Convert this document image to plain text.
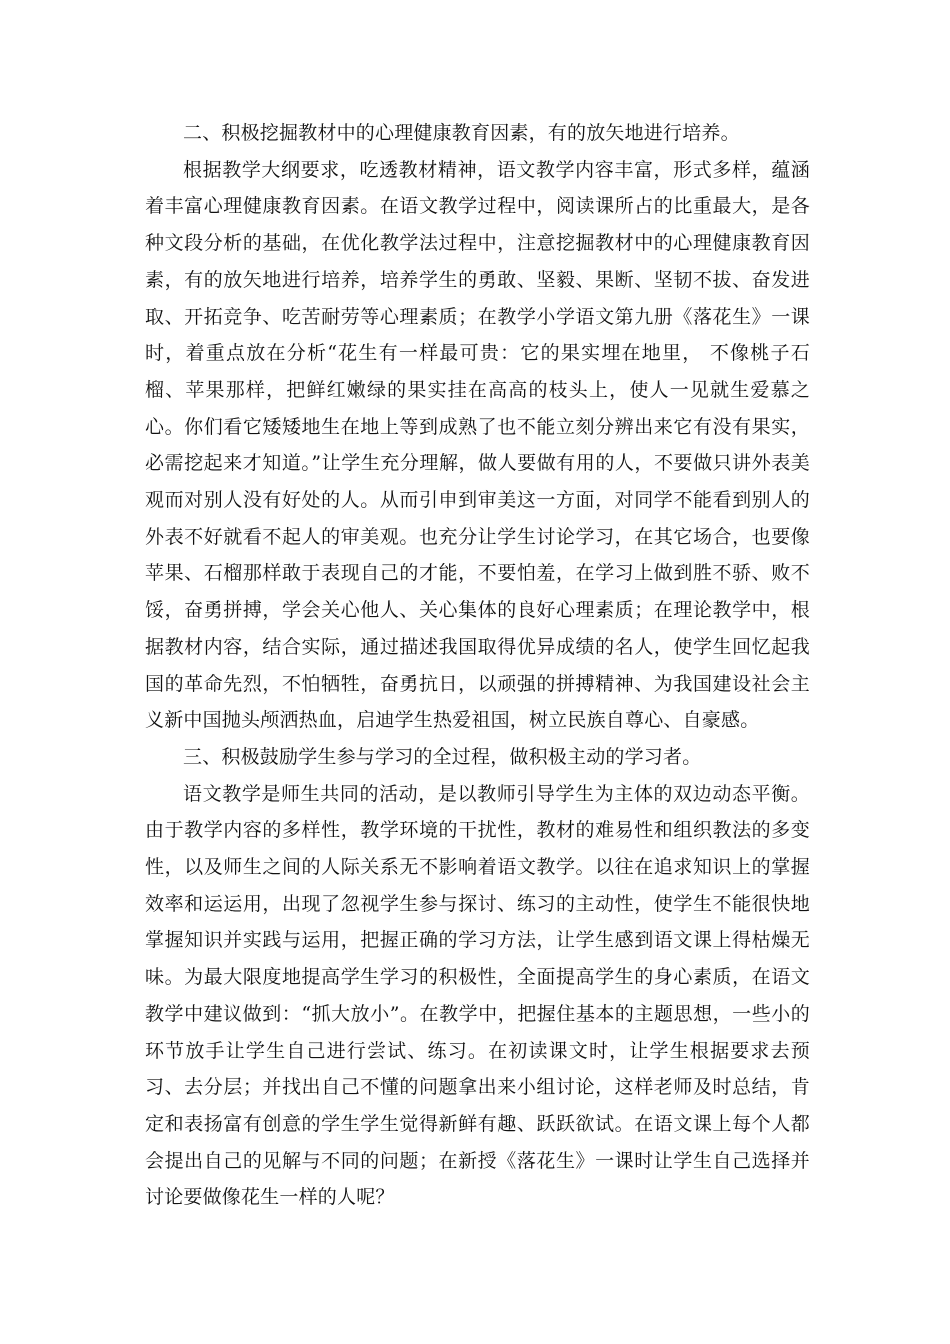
二、积极挖掘教材中的心理健康教育因素，有的放矢地进行培养。

根据教学大纲要求，吃透教材精神，语文教学内容丰富，形式多样，蕴涵着丰富心理健康教育因素。在语文教学过程中，阅读课所占的比重最大，是各种文段分析的基础，在优化教学法过程中，注意挖掘教材中的心理健康教育因素，有的放矢地进行培养，培养学生的勇敢、坚毅、果断、坚韧不拔、奋发进取、开拓竞争、吃苦耐劳等心理素质；在教学小学语文第九册《落花生》一课时，着重点放在分析“花生有一样最可贵：它的果实埋在地里， 不像桃子石榴、苹果那样，把鲜红嫩绿的果实挂在高高的枝头上，使人一见就生爱慕之心。你们看它矮矮地生在地上等到成熟了也不能立刻分辨出来它有没有果实，必需挖起来才知道。”让学生充分理解，做人要做有用的人，不要做只讲外表美观而对别人没有好处的人。从而引申到审美这一方面，对同学不能看到别人的外表不好就看不起人的审美观。也充分让学生讨论学习，在其它场合，也要像苹果、石榴那样敢于表现自己的才能，不要怕羞，在学习上做到胜不骄、败不馁，奋勇拼搏，学会关心他人、关心集体的良好心理素质；在理论教学中，根据教材内容，结合实际，通过描述我国取得优异成绩的名人，使学生回忆起我国的革命先烈，不怕牺牲，奋勇抗日，以顽强的拼搏精神、为我国建设社会主义新中国抛头颅洒热血，启迪学生热爱祖国，树立民族自尊心、自豪感。

三、积极鼓励学生参与学习的全过程，做积极主动的学习者。

语文教学是师生共同的活动，是以教师引导学生为主体的双边动态平衡。由于教学内容的多样性，教学环境的干扰性，教材的难易性和组织教法的多变性，以及师生之间的人际关系无不影响着语文教学。以往在追求知识上的掌握效率和运运用，出现了忽视学生参与探讨、练习的主动性，使学生不能很快地掌握知识并实践与运用，把握正确的学习方法，让学生感到语文课上得枯燥无味。为最大限度地提高学生学习的积极性，全面提高学生的身心素质，在语文教学中建议做到：“抓大放小”。在教学中，把握住基本的主题思想，一些小的环节放手让学生自己进行尝试、练习。在初读课文时，让学生根据要求去预习、去分层；并找出自己不懂的问题拿出来小组讨论，这样老师及时总结，肯定和表扬富有创意的学生学生觉得新鲜有趣、跃跃欲试。在语文课上每个人都会提出自己的见解与不同的问题；在新授《落花生》一课时让学生自己选择并讨论要做像花生一样的人呢？
